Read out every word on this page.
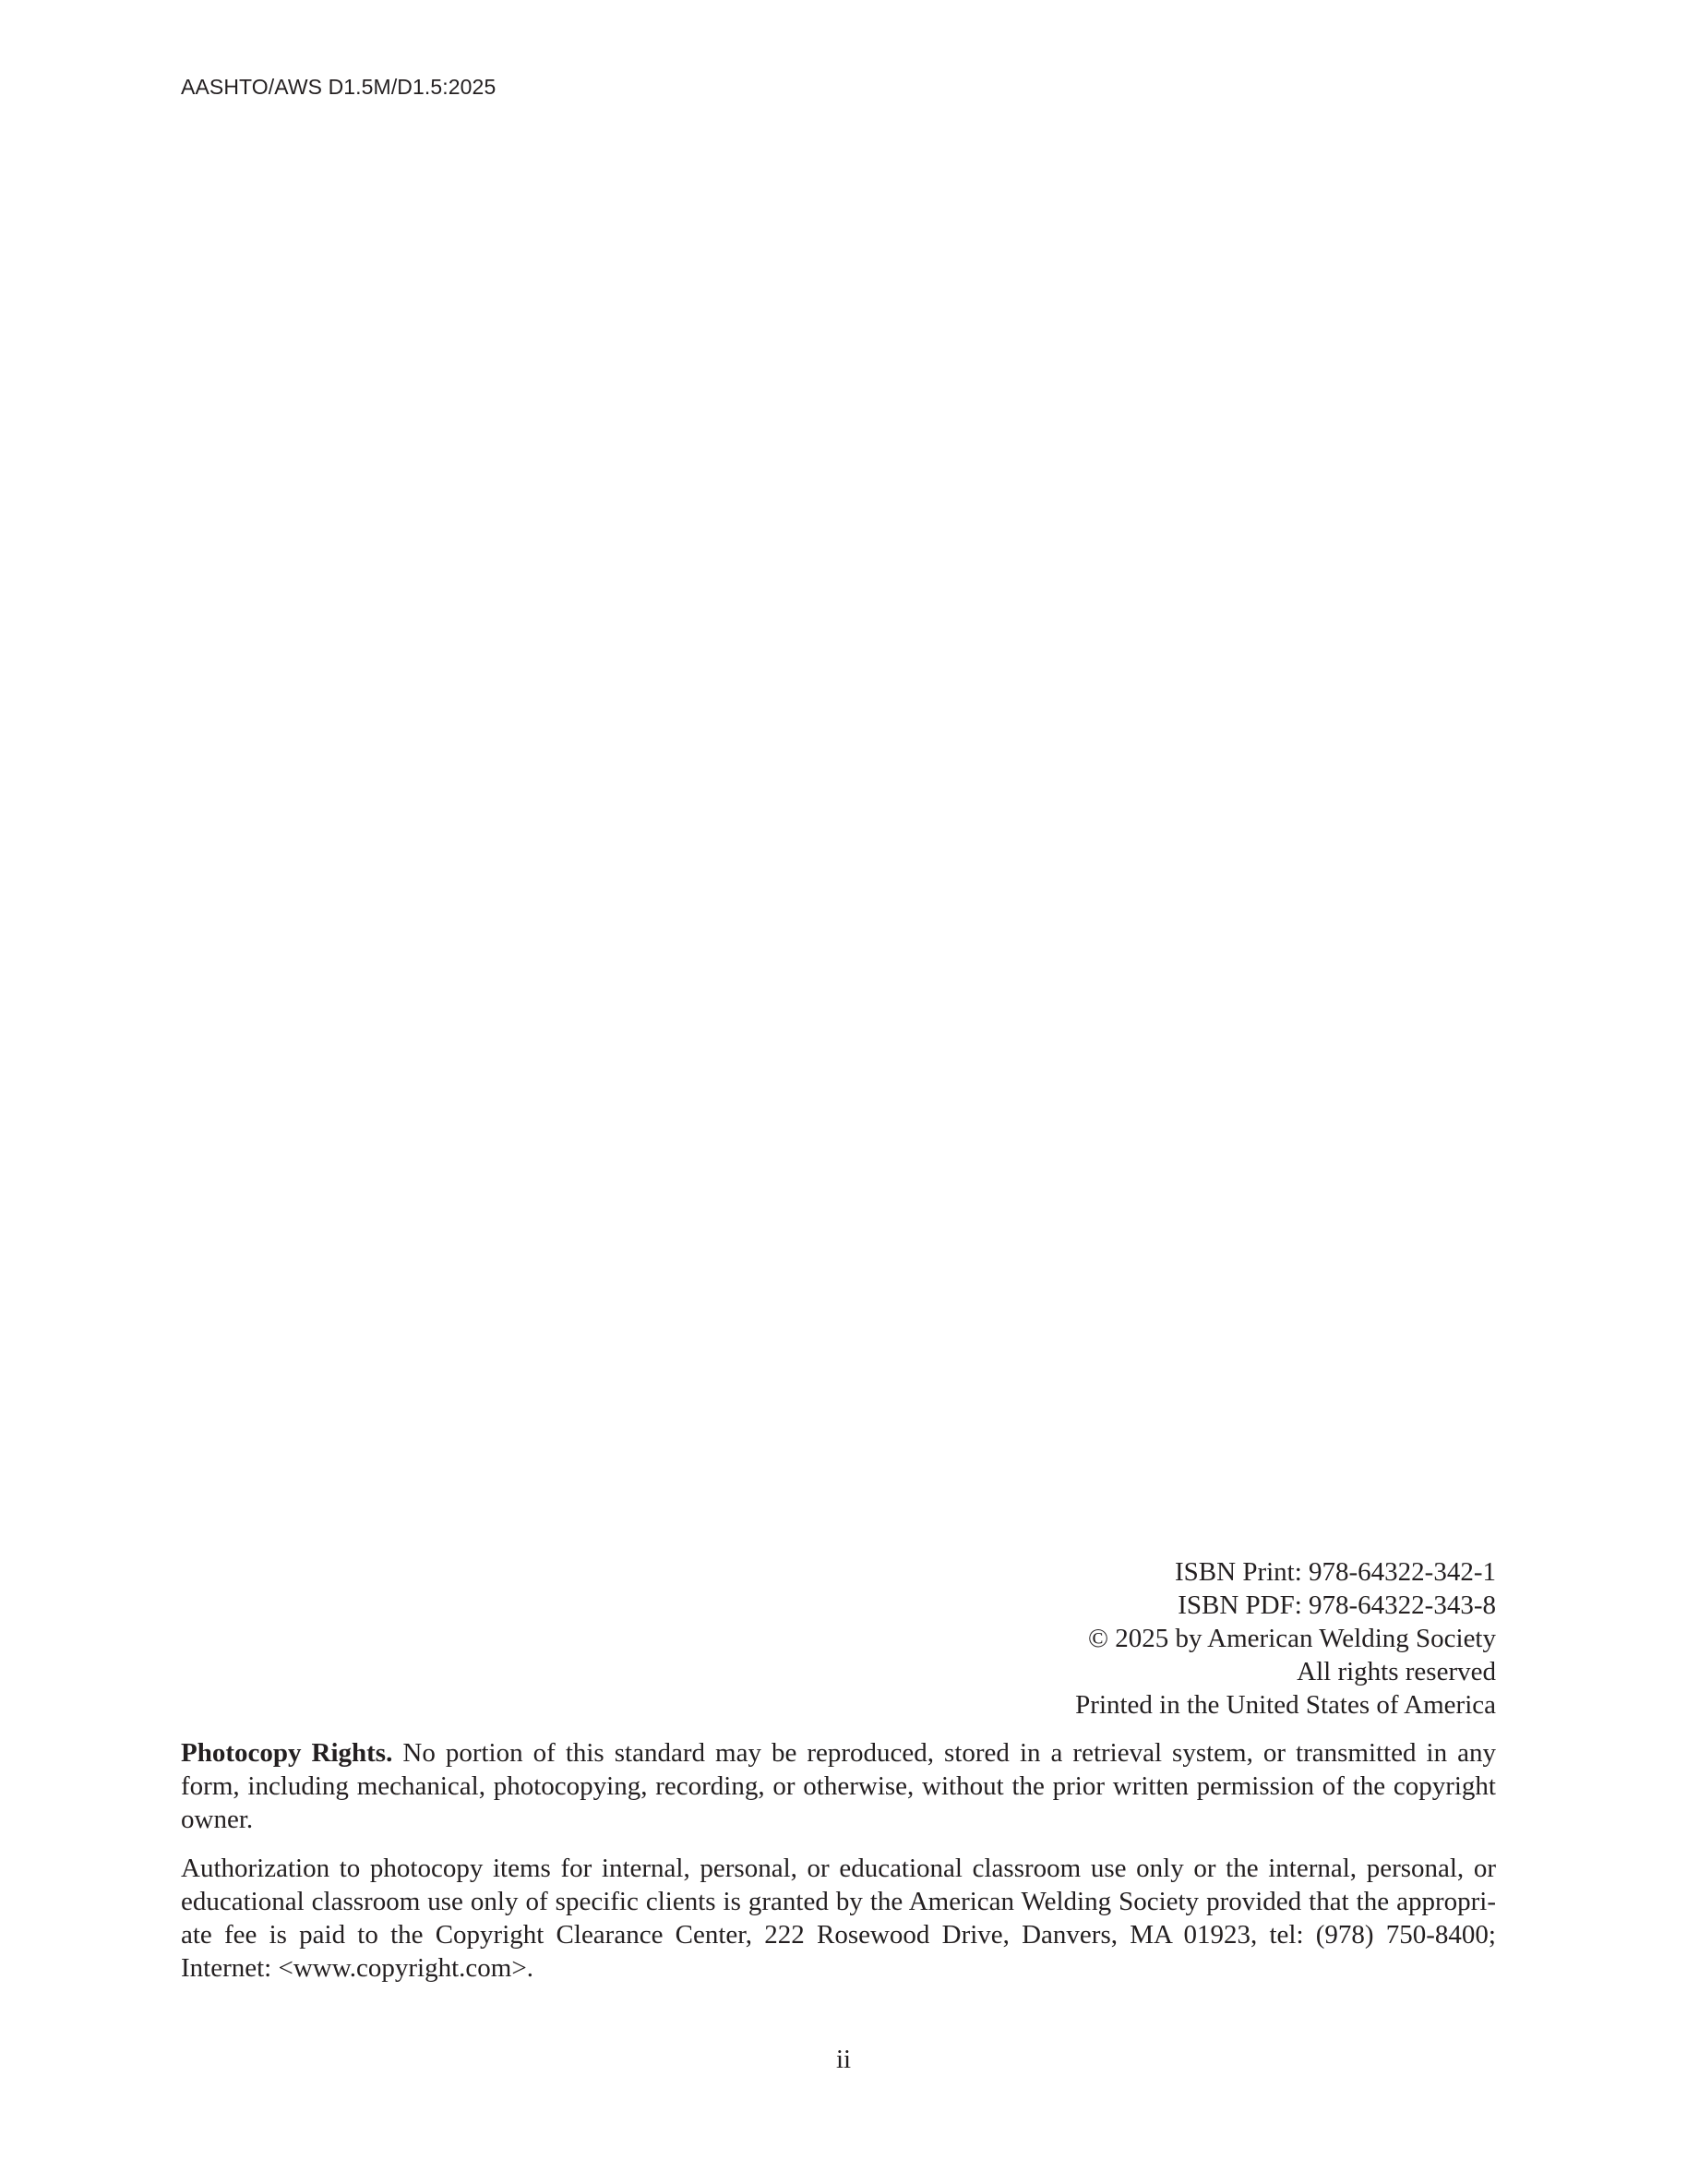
AASHTO/AWS D1.5M/D1.5:2025
ISBN Print: 978-64322-342-1
ISBN PDF: 978-64322-343-8
© 2025 by American Welding Society
All rights reserved
Printed in the United States of America

Photocopy Rights. No portion of this standard may be reproduced, stored in a retrieval system, or transmitted in any form, including mechanical, photocopying, recording, or otherwise, without the prior written permission of the copyright owner.

Authorization to photocopy items for internal, personal, or educational classroom use only or the internal, personal, or educational classroom use only of specific clients is granted by the American Welding Society provided that the appropri-ate fee is paid to the Copyright Clearance Center, 222 Rosewood Drive, Danvers, MA 01923, tel: (978) 750-8400; Internet: <www.copyright.com>.

ii
